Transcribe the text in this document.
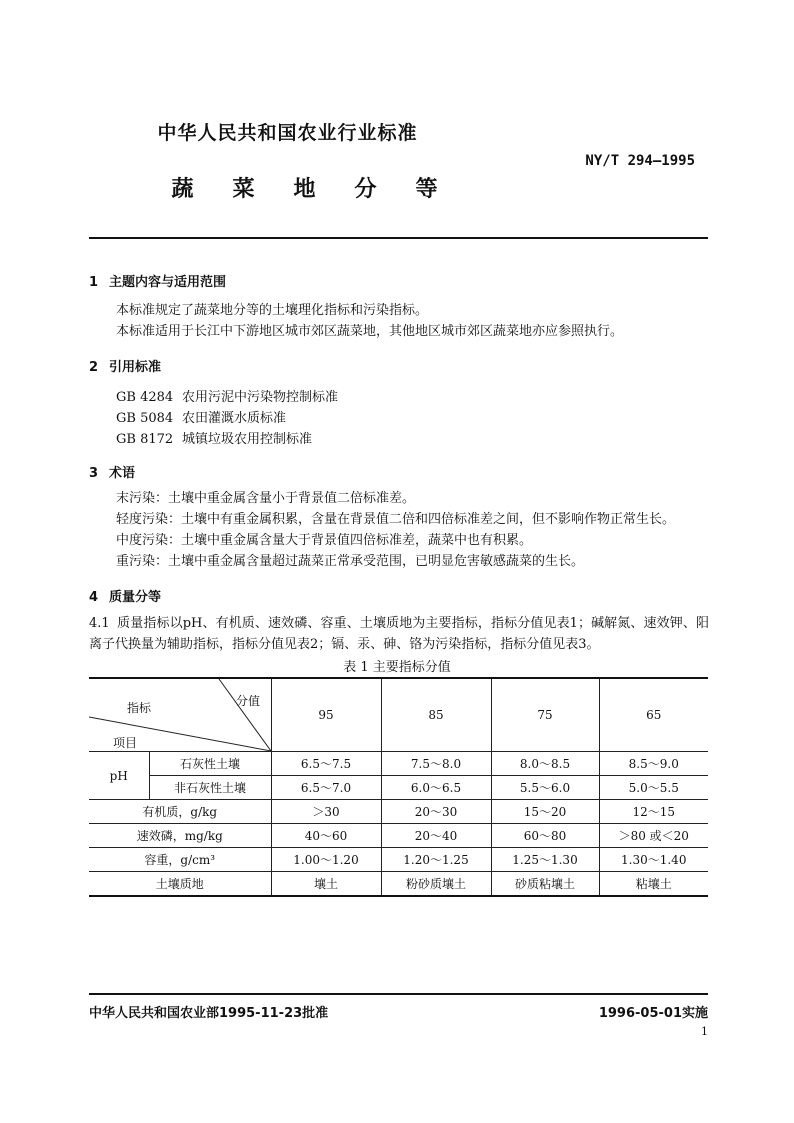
中华人民共和国农业行业标准
NY/T 294—1995
蔬菜地分等
1 主题内容与适用范围
本标准规定了蔬菜地分等的土壤理化指标和污染指标。
本标准适用于长江中下游地区城市郊区蔬菜地，其他地区城市郊区蔬菜地亦应参照执行。
2 引用标准
GB 4284 农用污泥中污染物控制标准
GB 5084 农田灌溉水质标准
GB 8172 城镇垃圾农用控制标准
3 术语
末污染：土壤中重金属含量小于背景值二倍标准差。
轻度污染：土壤中有重金属积累，含量在背景值二倍和四倍标准差之间，但不影响作物正常生长。
中度污染：土壤中重金属含量大于背景值四倍标准差，蔬菜中也有积累。
重污染：土壤中重金属含量超过蔬菜正常承受范围，已明显危害敏感蔬菜的生长。
4 质量分等
4.1 质量指标以pH、有机质、速效磷、容重、土壤质地为主要指标，指标分值见表1；碱解氮、速效钾、阳离子代换量为辅助指标，指标分值见表2；镉、汞、砷、铬为污染指标，指标分值见表3。
表 1 主要指标分值
指标 分值
项目		95	85	75	65
pH	石灰性土壤	6.5～7.5	7.5～8.0	8.0～8.5	8.5～9.0
	非石灰性土壤	6.5～7.0	6.0～6.5	5.5～6.0	5.0～5.5
有机质，g/kg		＞30	20～30	15～20	12～15
速效磷，mg/kg		40～60	20～40	60～80	＞80 或＜20
容重，g/cm³		1.00～1.20	1.20～1.25	1.25～1.30	1.30～1.40
土壤质地		壤土	粉砂质壤土	砂质粘壤土	粘壤土
中华人民共和国农业部1995-11-23批准	1996-05-01实施
1
